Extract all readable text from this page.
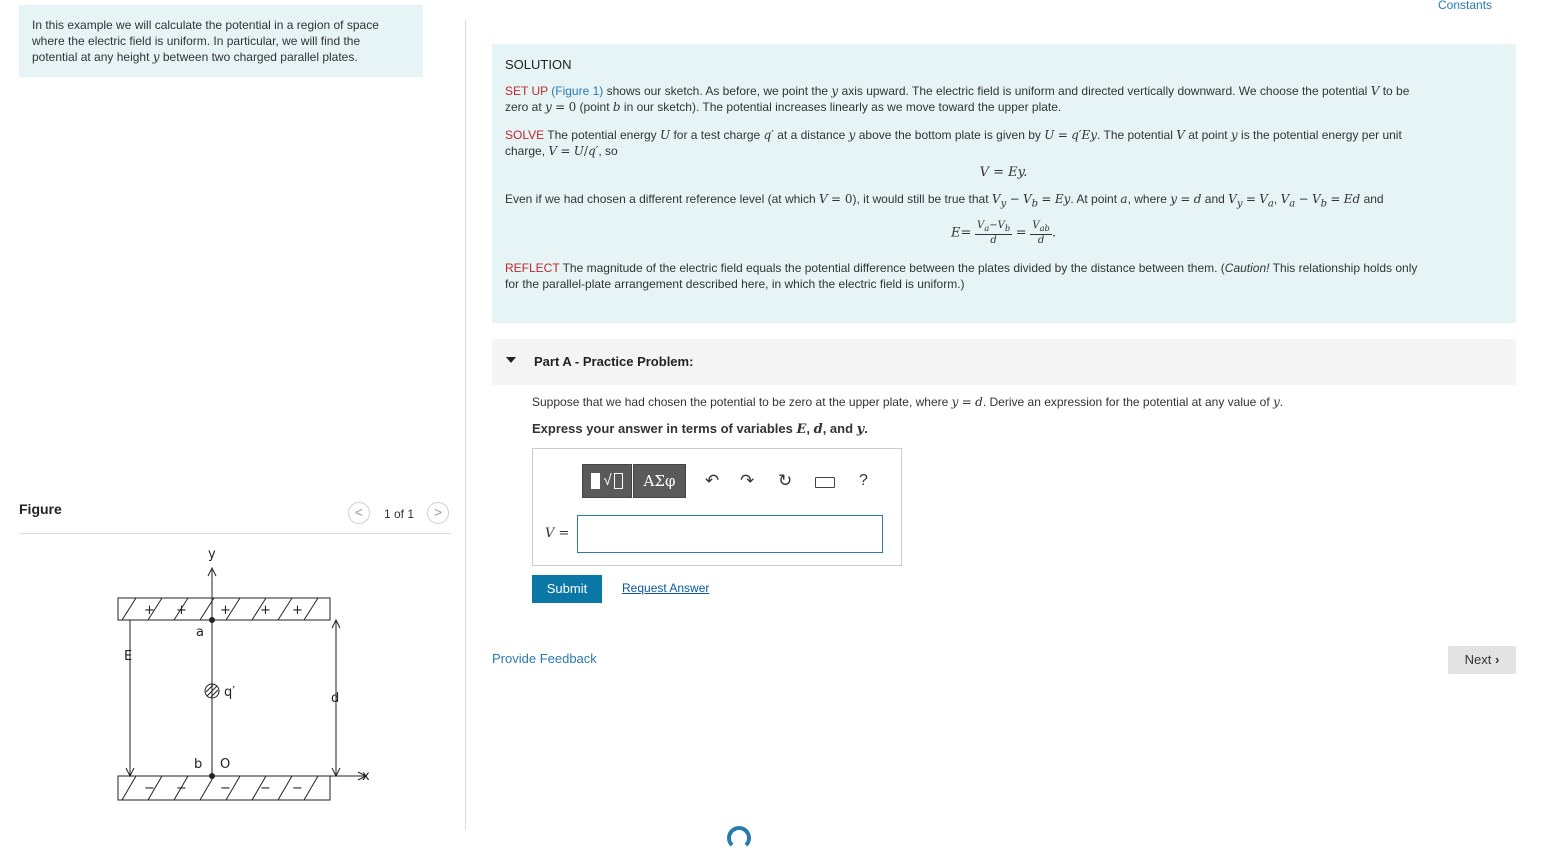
In this example we will calculate the potential in a region of space
where the electric field is uniform. In particular, we will find the
potential at any height y between two charged parallel plates.
Figure	<	1 of 1	>
+ +	+ + +
− −	− − −
y
x
a
b O
q′	d
E
Constants
SOLUTION
SET UP (Figure 1) shows our sketch. As before, we point the y axis upward. The electric field is uniform and directed vertically downward. We choose the potential V to be
zero at y = 0 (point b in our sketch). The potential increases linearly as we move toward the upper plate.
SOLVE The potential energy U for a test charge q′ at a distance y above the bottom plate is given by U = q′Ey. The potential V at point y is the potential energy per unit
charge, V = U/q′, so
V = Ey.
Even if we had chosen a different reference level (at which V = 0), it would still be true that $V_y - V_b = Ey$. At point a, where y = d and $V_y = V_a$, $V_a - V_b = Ed$ and
$E= \frac{V_a-V_b}{d} = \frac{V_{ab}}{d}$ .
REFLECT The magnitude of the electric field equals the potential difference between the plates divided by the distance between them. (Caution! This relationship holds only
for the parallel-plate arrangement described here, in which the electric field is uniform.)
Part A - Practice Problem:
Suppose that we had chosen the potential to be zero at the upper plate, where y = d. Derive an expression for the potential at any value of y.
Express your answer in terms of variables E, d, and y.
√	ΑΣφ	↶ ↷ ↻	?
V =
Submit	Request Answer
Provide Feedback	Next ›
